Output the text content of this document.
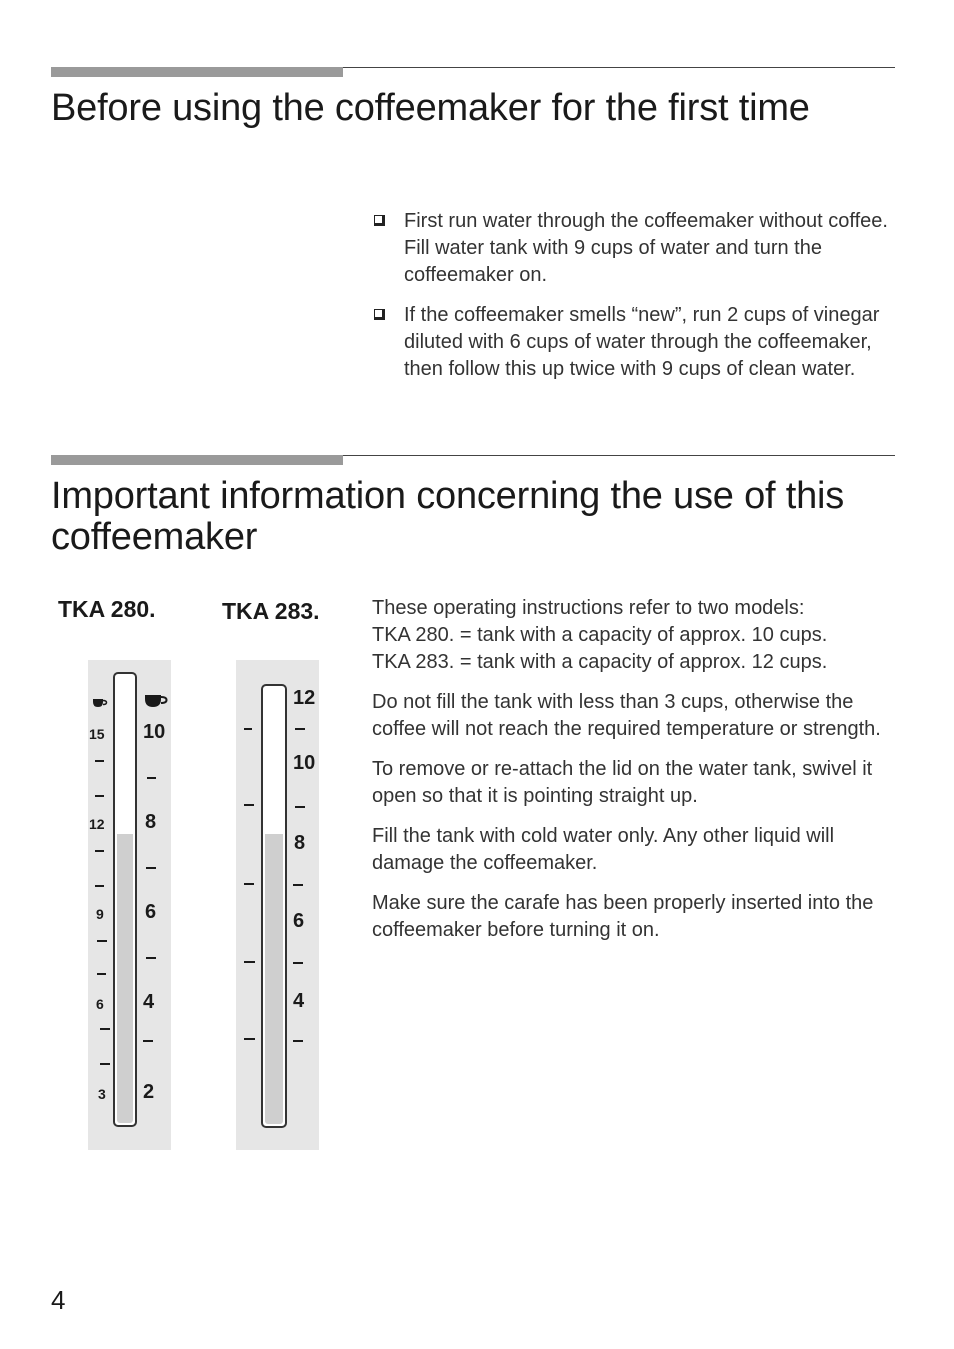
Before using the coffeemaker for the first time
First run water through the coffeemaker without coffee. Fill water tank with 9 cups of water and turn the coffeemaker on.
If the coffeemaker smells “new”, run 2 cups of vinegar diluted with 6 cups of water through the coffeemaker, then follow this up twice with 9 cups of clean water.
Important information concerning the use of this coffeemaker

These operating instructions refer to two models:
TKA 280. = tank with a capacity of approx. 10 cups.
TKA 283. = tank with a capacity of approx. 12 cups.

Do not fill the tank with less than 3 cups, otherwise the coffee will not reach the required temperature or strength.

To remove or re-attach the lid on the water tank, swivel it open so that it is pointing straight up.

Fill the tank with cold water only. Any other liquid will damage the coffeemaker.

Make sure the carafe has been properly inserted into the coffeemaker before turning it on.

TKA 280.
15
12
9
6
3
10
8
6
4
2
TKA 283.
12
10
8
6
4
4
